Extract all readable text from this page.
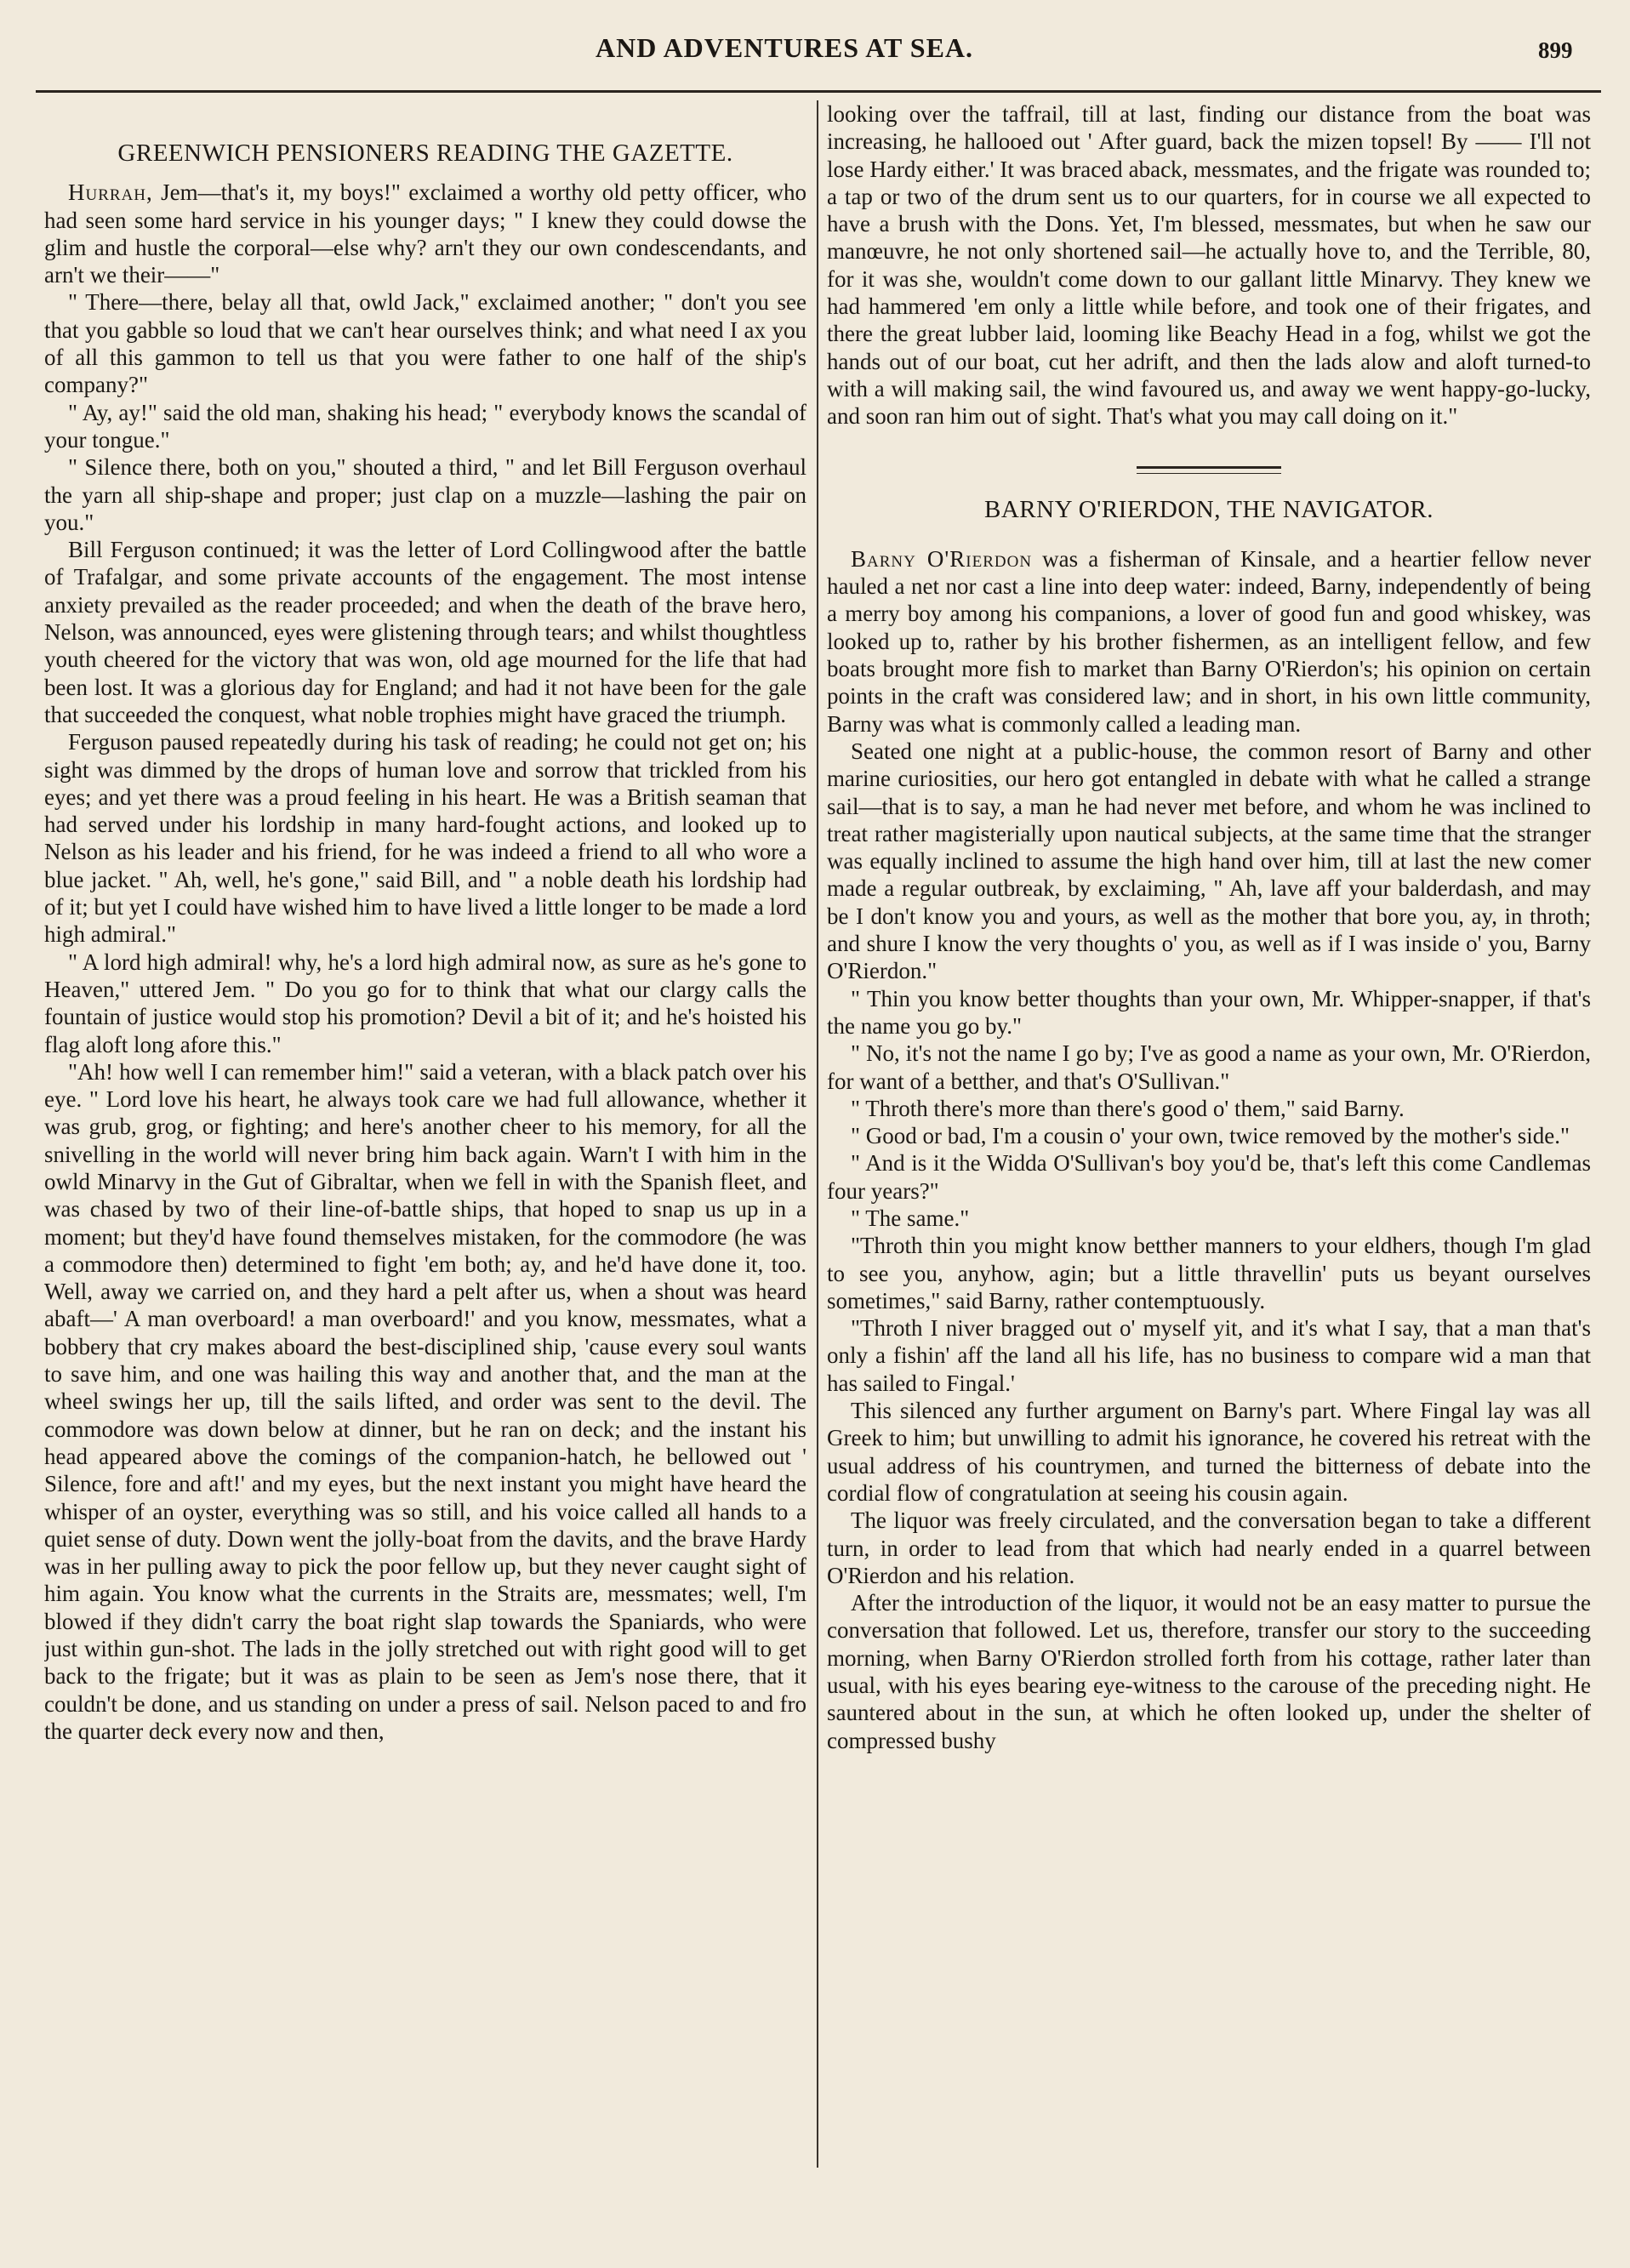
AND ADVENTURES AT SEA.	899
GREENWICH PENSIONERS READING THE GAZETTE.

Hurrah, Jem—that's it, my boys!" exclaimed a worthy old petty officer, who had seen some hard service in his younger days; " I knew they could dowse the glim and hustle the corporal—else why? arn't they our own condescendants, and arn't we their——"

" There—there, belay all that, owld Jack," exclaimed another; " don't you see that you gabble so loud that we can't hear ourselves think; and what need I ax you of all this gammon to tell us that you were father to one half of the ship's company?"

" Ay, ay!" said the old man, shaking his head; " everybody knows the scandal of your tongue."

" Silence there, both on you," shouted a third, " and let Bill Ferguson overhaul the yarn all ship-shape and proper; just clap on a muzzle—lashing the pair on you."

Bill Ferguson continued; it was the letter of Lord Collingwood after the battle of Trafalgar, and some private accounts of the engagement. The most intense anxiety prevailed as the reader proceeded; and when the death of the brave hero, Nelson, was announced, eyes were glistening through tears; and whilst thoughtless youth cheered for the victory that was won, old age mourned for the life that had been lost. It was a glorious day for England; and had it not have been for the gale that succeeded the conquest, what noble trophies might have graced the triumph.

Ferguson paused repeatedly during his task of reading; he could not get on; his sight was dimmed by the drops of human love and sorrow that trickled from his eyes; and yet there was a proud feeling in his heart. He was a British seaman that had served under his lordship in many hard-fought actions, and looked up to Nelson as his leader and his friend, for he was indeed a friend to all who wore a blue jacket. " Ah, well, he's gone," said Bill, and " a noble death his lordship had of it; but yet I could have wished him to have lived a little longer to be made a lord high admiral."

" A lord high admiral! why, he's a lord high admiral now, as sure as he's gone to Heaven," uttered Jem. " Do you go for to think that what our clargy calls the fountain of justice would stop his promotion? Devil a bit of it; and he's hoisted his flag aloft long afore this."

"Ah! how well I can remember him!" said a veteran, with a black patch over his eye. " Lord love his heart, he always took care we had full allowance, whether it was grub, grog, or fighting; and here's another cheer to his memory, for all the snivelling in the world will never bring him back again. Warn't I with him in the owld Minarvy in the Gut of Gibraltar, when we fell in with the Spanish fleet, and was chased by two of their line-of-battle ships, that hoped to snap us up in a moment; but they'd have found themselves mistaken, for the commodore (he was a commodore then) determined to fight 'em both; ay, and he'd have done it, too. Well, away we carried on, and they hard a pelt after us, when a shout was heard abaft—' A man overboard! a man overboard!' and you know, messmates, what a bobbery that cry makes aboard the best-disciplined ship, 'cause every soul wants to save him, and one was hailing this way and another that, and the man at the wheel swings her up, till the sails lifted, and order was sent to the devil. The commodore was down below at dinner, but he ran on deck; and the instant his head appeared above the comings of the companion-hatch, he bellowed out ' Silence, fore and aft!' and my eyes, but the next instant you might have heard the whisper of an oyster, everything was so still, and his voice called all hands to a quiet sense of duty. Down went the jolly-boat from the davits, and the brave Hardy was in her pulling away to pick the poor fellow up, but they never caught sight of him again. You know what the currents in the Straits are, messmates; well, I'm blowed if they didn't carry the boat right slap towards the Spaniards, who were just within gun-shot. The lads in the jolly stretched out with right good will to get back to the frigate; but it was as plain to be seen as Jem's nose there, that it couldn't be done, and us standing on under a press of sail. Nelson paced to and fro the quarter deck every now and then,

looking over the taffrail, till at last, finding our distance from the boat was increasing, he hallooed out ' After guard, back the mizen topsel! By —— I'll not lose Hardy either.' It was braced aback, messmates, and the frigate was rounded to; a tap or two of the drum sent us to our quarters, for in course we all expected to have a brush with the Dons. Yet, I'm blessed, messmates, but when he saw our manœuvre, he not only shortened sail—he actually hove to, and the Terrible, 80, for it was she, wouldn't come down to our gallant little Minarvy. They knew we had hammered 'em only a little while before, and took one of their frigates, and there the great lubber laid, looming like Beachy Head in a fog, whilst we got the hands out of our boat, cut her adrift, and then the lads alow and aloft turned-to with a will making sail, the wind favoured us, and away we went happy-go-lucky, and soon ran him out of sight. That's what you may call doing on it."

BARNY O'RIERDON, THE NAVIGATOR.

Barny O'Rierdon was a fisherman of Kinsale, and a heartier fellow never hauled a net nor cast a line into deep water: indeed, Barny, independently of being a merry boy among his companions, a lover of good fun and good whiskey, was looked up to, rather by his brother fishermen, as an intelligent fellow, and few boats brought more fish to market than Barny O'Rierdon's; his opinion on certain points in the craft was considered law; and in short, in his own little community, Barny was what is commonly called a leading man.

Seated one night at a public-house, the common resort of Barny and other marine curiosities, our hero got entangled in debate with what he called a strange sail—that is to say, a man he had never met before, and whom he was inclined to treat rather magisterially upon nautical subjects, at the same time that the stranger was equally inclined to assume the high hand over him, till at last the new comer made a regular outbreak, by exclaiming, " Ah, lave aff your balderdash, and may be I don't know you and yours, as well as the mother that bore you, ay, in throth; and shure I know the very thoughts o' you, as well as if I was inside o' you, Barny O'Rierdon."

" Thin you know better thoughts than your own, Mr. Whipper-snapper, if that's the name you go by."

" No, it's not the name I go by; I've as good a name as your own, Mr. O'Rierdon, for want of a betther, and that's O'Sullivan."

" Throth there's more than there's good o' them," said Barny.

" Good or bad, I'm a cousin o' your own, twice removed by the mother's side."

" And is it the Widda O'Sullivan's boy you'd be, that's left this come Candlemas four years?"

" The same."

"Throth thin you might know betther manners to your eldhers, though I'm glad to see you, anyhow, agin; but a little thravellin' puts us beyant ourselves sometimes," said Barny, rather contemptuously.

"Throth I niver bragged out o' myself yit, and it's what I say, that a man that's only a fishin' aff the land all his life, has no business to compare wid a man that has sailed to Fingal.'

This silenced any further argument on Barny's part. Where Fingal lay was all Greek to him; but unwilling to admit his ignorance, he covered his retreat with the usual address of his countrymen, and turned the bitterness of debate into the cordial flow of congratulation at seeing his cousin again.

The liquor was freely circulated, and the conversation began to take a different turn, in order to lead from that which had nearly ended in a quarrel between O'Rierdon and his relation.

After the introduction of the liquor, it would not be an easy matter to pursue the conversation that followed. Let us, therefore, transfer our story to the succeeding morning, when Barny O'Rierdon strolled forth from his cottage, rather later than usual, with his eyes bearing eye-witness to the carouse of the preceding night. He sauntered about in the sun, at which he often looked up, under the shelter of compressed bushy
